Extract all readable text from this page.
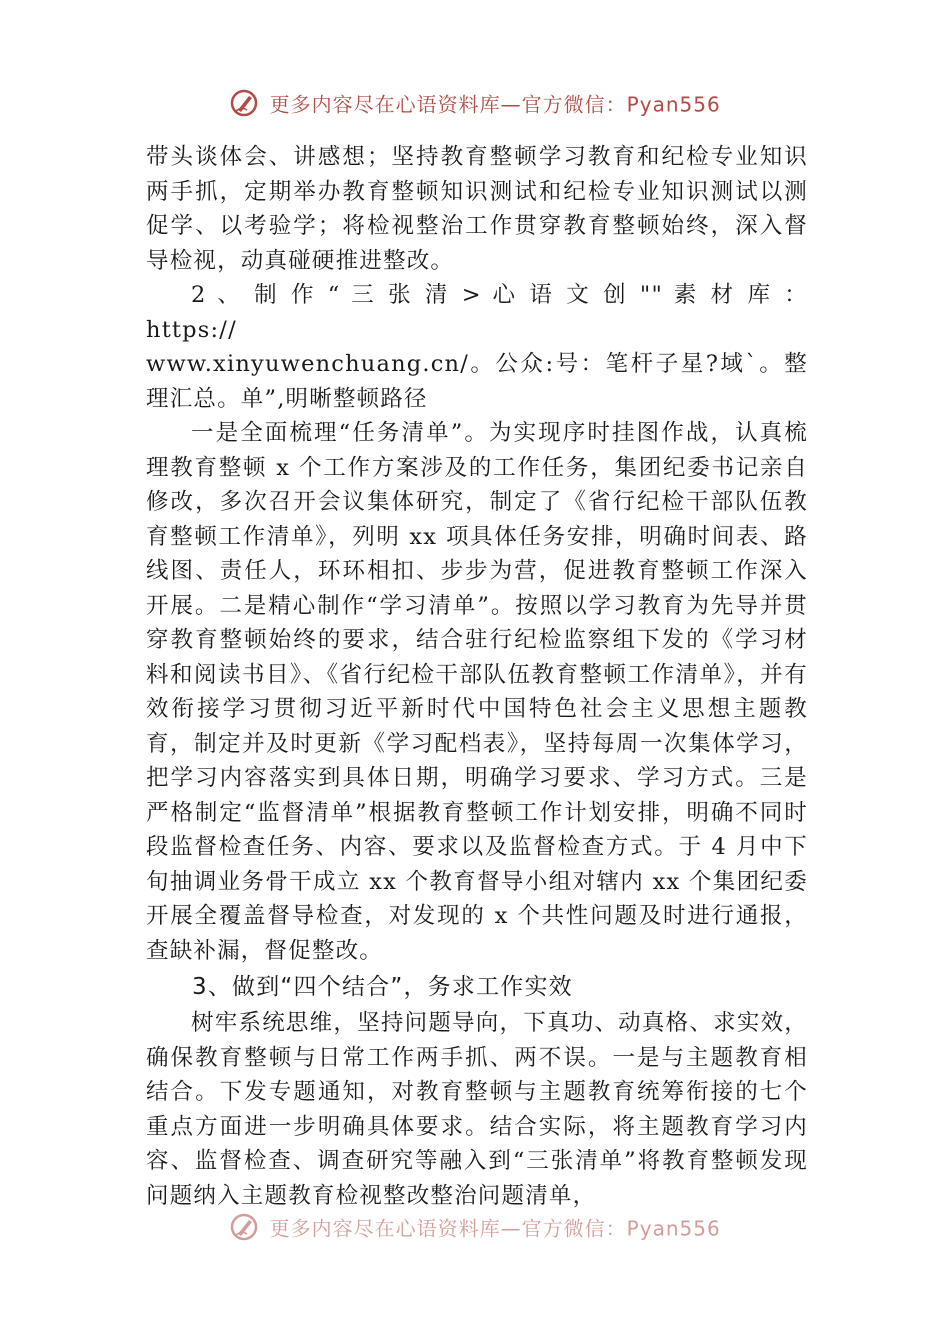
更多内容尽在心语资料库—官方微信：Pyan556

带头谈体会、讲感想；坚持教育整顿学习教育和纪检专业知识两手抓，定期举办教育整顿知识测试和纪检专业知识测试以测促学、以考验学；将检视整治工作贯穿教育整顿始终，深入督导检视，动真碰硬推进整改。

2 、 制 作 “ 三 张 清 > 心 语 文 创 "" 素 材 库 ： https://

www.xinyuwenchuang.cn/。公众:号：笔杆子星?域`。整理汇总。单”,明晰整顿路径

一是全面梳理“任务清单”。为实现序时挂图作战，认真梳理教育整顿 x 个工作方案涉及的工作任务，集团纪委书记亲自修改，多次召开会议集体研究，制定了《省行纪检干部队伍教育整顿工作清单》，列明 xx 项具体任务安排，明确时间表、路线图、责任人，环环相扣、步步为营，促进教育整顿工作深入开展。二是精心制作“学习清单”。按照以学习教育为先导并贯穿教育整顿始终的要求，结合驻行纪检监察组下发的《学习材料和阅读书目》、《省行纪检干部队伍教育整顿工作清单》，并有效衔接学习贯彻习近平新时代中国特色社会主义思想主题教育，制定并及时更新《学习配档表》，坚持每周一次集体学习，把学习内容落实到具体日期，明确学习要求、学习方式。三是严格制定“监督清单”根据教育整顿工作计划安排，明确不同时段监督检查任务、内容、要求以及监督检查方式。于 4 月中下旬抽调业务骨干成立 xx 个教育督导小组对辖内 xx 个集团纪委开展全覆盖督导检查，对发现的 x 个共性问题及时进行通报，查缺补漏，督促整改。

3、做到“四个结合”，务求工作实效

树牢系统思维，坚持问题导向，下真功、动真格、求实效，确保教育整顿与日常工作两手抓、两不误。一是与主题教育相结合。下发专题通知，对教育整顿与主题教育统筹衔接的七个重点方面进一步明确具体要求。结合实际，将主题教育学习内容、监督检查、调查研究等融入到“三张清单”将教育整顿发现问题纳入主题教育检视整改整治问题清单，

更多内容尽在心语资料库—官方微信：Pyan556
